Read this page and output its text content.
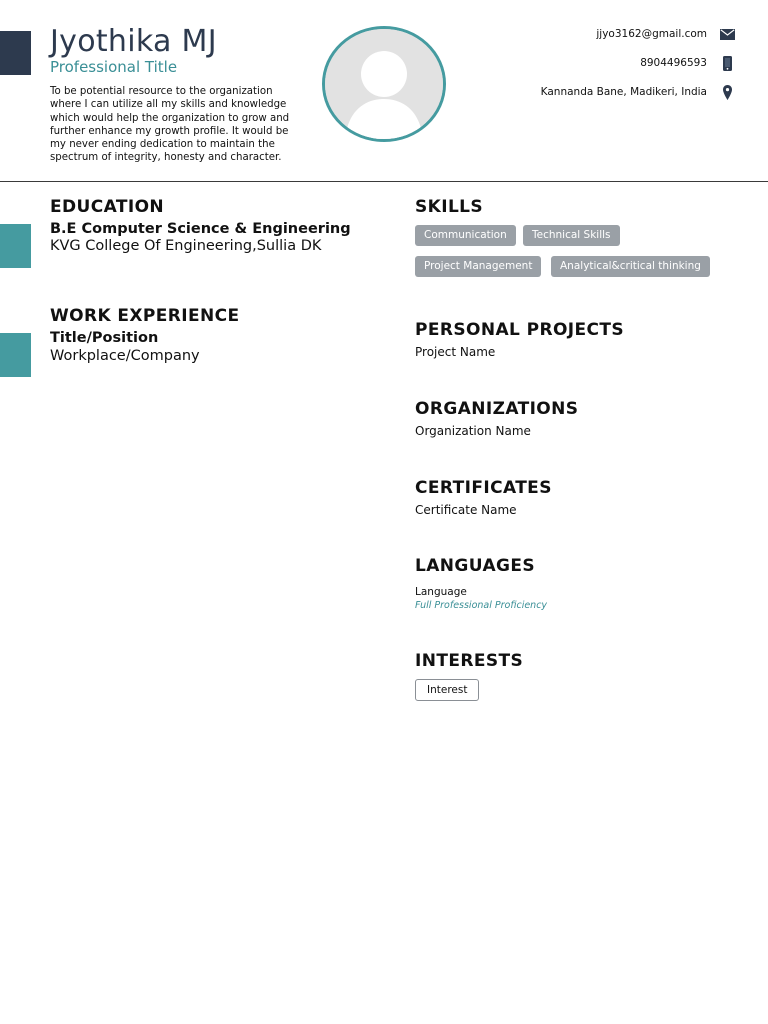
Jyothika MJ
Professional Title
To be potential resource to the organization where I can utilize all my skills and knowledge which would help the organization to grow and further enhance my growth profile. It would be my never ending dedication to maintain the spectrum of integrity, honesty and character.
jjyo3162@gmail.com
8904496593
Kannanda Bane, Madikeri, India
EDUCATION
B.E Computer Science & Engineering
KVG College Of Engineering,Sullia DK
WORK EXPERIENCE
Title/Position
Workplace/Company
SKILLS
Communication	Technical Skills
Project Management	Analytical&critical thinking
PERSONAL PROJECTS
Project Name
ORGANIZATIONS
Organization Name
CERTIFICATES
Certificate Name
LANGUAGES
Language
Full Professional Proficiency
INTERESTS
Interest
